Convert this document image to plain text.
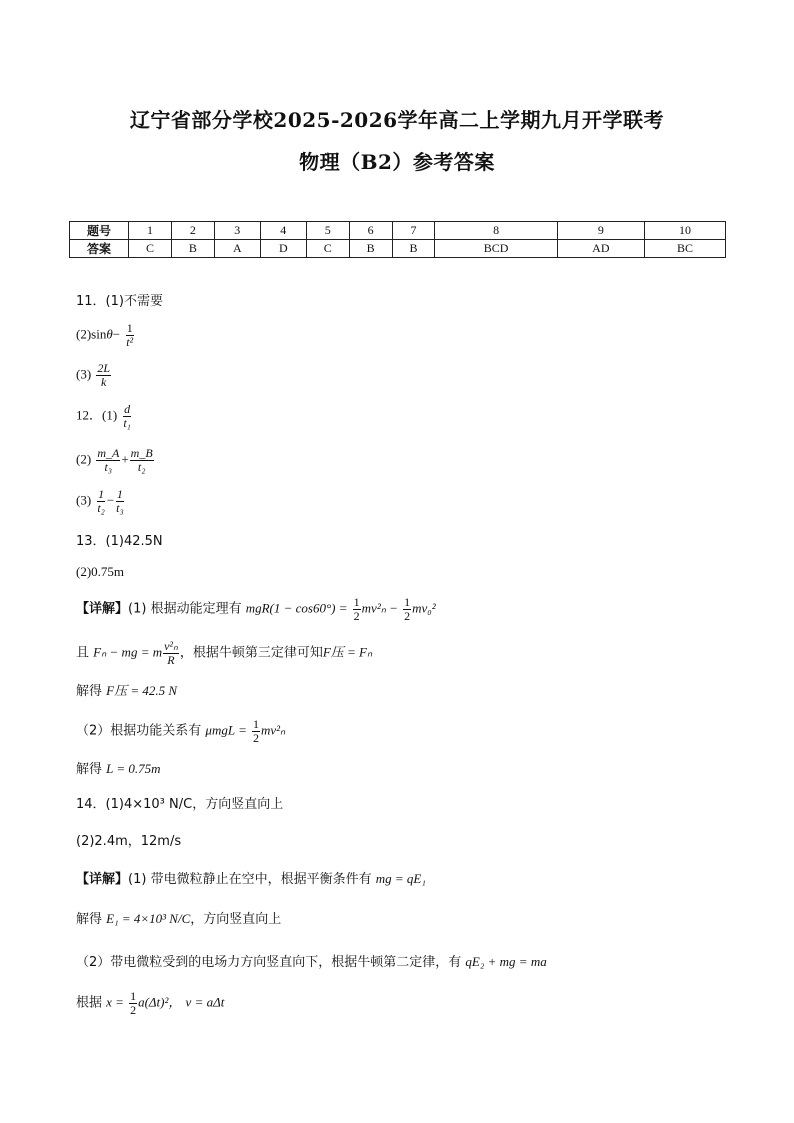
辽宁省部分学校2025-2026学年高二上学期九月开学联考
物理（B2）参考答案
题号	1	2	3	4	5	6	7	8	9	10
答案	C	B	A	D	C	B	B	BCD	AD	BC
11．(1)不需要
$(2)\sin\theta- \frac{1}{\text{t²}}$
$(3) \frac{2L}{k}$
12．$(1) \frac{d}{\text{t₁}}$
$(2) \frac{m\_A}{\text{t₃}} + \frac{m\_B}{\text{t₂}}$
$(3) \frac{1}{\text{t₂}} - \frac{1}{\text{t₃}}$
13．(1)42.5N
(2)0.75m
【详解】(1) 根据动能定理有 $mgR(1 - \cos 60^\circ) = \frac{1}{2} mv^2_n - \frac{1}{2} mv_0^2$
且 Fₙ − mg = m $\frac{\text{v²ₙ}}{R}$ ，根据牛顿第三定律可知F压 = Fₙ
解得 F压 = 42.5 N
（2）根据功能关系有 $\mu mgL = \frac{1}{2} mv^2_n$
解得 L = 0.75m
14．(1)4×10³ N/C，方向竖直向上
(2)2.4m，12m/s
【详解】(1) 带电微粒静止在空中，根据平衡条件有 mg = qE₁
解得 E₁ = 4×10³ N/C，方向竖直向上
（2）带电微粒受到的电场力方向竖直向下，根据牛顿第二定律，有 qE₂ + mg = ma
根据 $x = \frac{1}{2} a(\Delta t)^2$， v = aΔt
